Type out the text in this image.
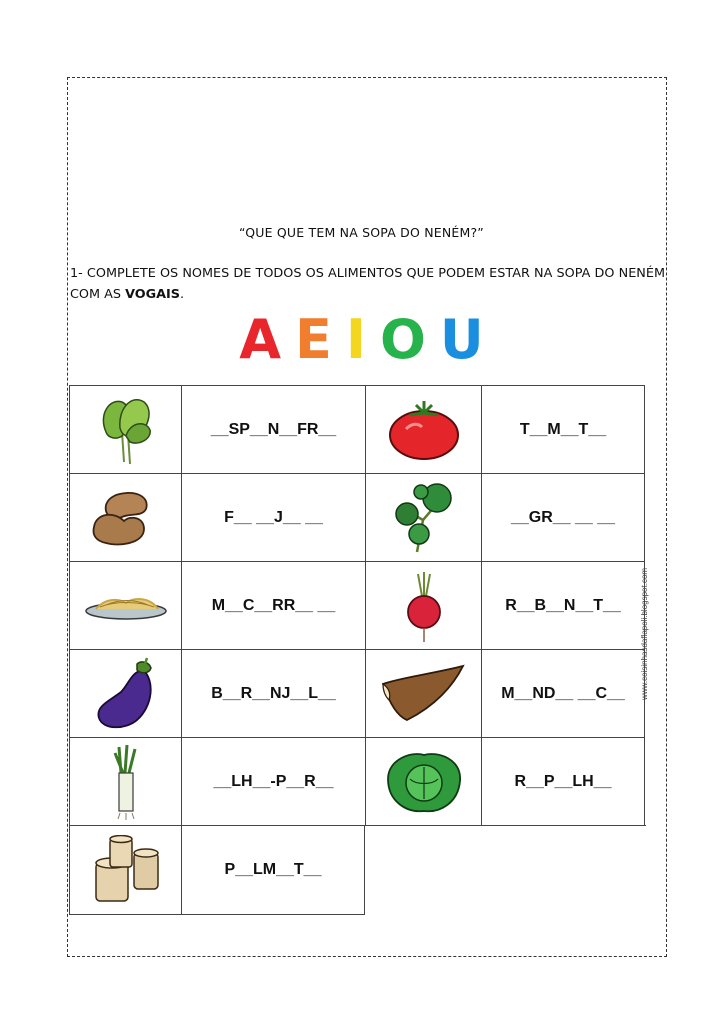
“QUE QUE TEM NA SOPA DO NENÉM?”
1- COMPLETE OS NOMES DE TODOS OS ALIMENTOS QUE PODEM ESTAR NA SOPA DO NENÉM COM AS VOGAIS.
A E I O U
__SP__N__FR__	T__M__T__
F__ __J__ __	__GR__ __ __
M__C__RR__ __	R__B__N__T__
B__R__NJ__L__	M__ND__ __C__
__LH__-P__R__	R__P__LH__
P__LM__T__
www.coisinhasdaflapoli.blogspot.com
